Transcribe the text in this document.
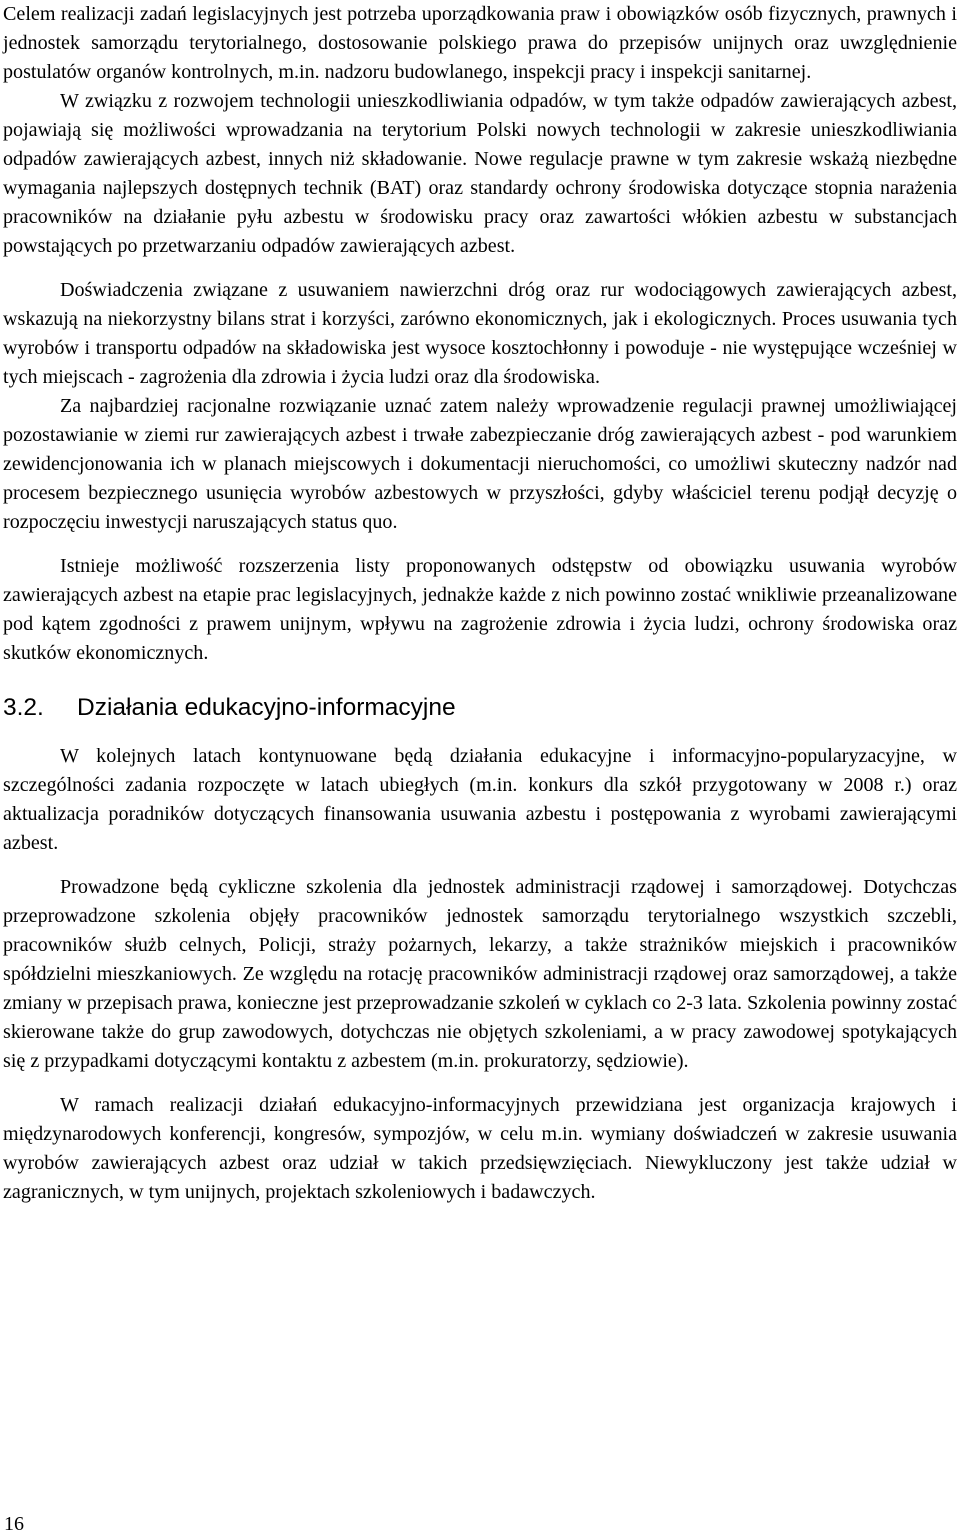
Celem realizacji zadań legislacyjnych jest potrzeba uporządkowania praw i obowiązków osób fizycznych, prawnych i jednostek samorządu terytorialnego, dostosowanie polskiego prawa do przepisów unijnych oraz uwzględnienie postulatów organów kontrolnych, m.in. nadzoru budowlanego, inspekcji pracy i inspekcji sanitarnej.

W związku z rozwojem technologii unieszkodliwiania odpadów, w tym także odpadów zawierających azbest, pojawiają się możliwości wprowadzania na terytorium Polski nowych technologii w zakresie unieszkodliwiania odpadów zawierających azbest, innych niż składowanie. Nowe regulacje prawne w tym zakresie wskażą niezbędne wymagania najlepszych dostępnych technik (BAT) oraz standardy ochrony środowiska dotyczące stopnia narażenia pracowników na działanie pyłu azbestu w środowisku pracy oraz zawartości włókien azbestu w substancjach powstających po przetwarzaniu odpadów zawierających azbest.

Doświadczenia związane z usuwaniem nawierzchni dróg oraz rur wodociągowych zawierających azbest, wskazują na niekorzystny bilans strat i korzyści, zarówno ekonomicznych, jak i ekologicznych. Proces usuwania tych wyrobów i transportu odpadów na składowiska jest wysoce kosztochłonny i powoduje - nie występujące wcześniej w tych miejscach - zagrożenia dla zdrowia i życia ludzi oraz dla środowiska.

Za najbardziej racjonalne rozwiązanie uznać zatem należy wprowadzenie regulacji prawnej umożliwiającej pozostawianie w ziemi rur zawierających azbest i trwałe zabezpieczanie dróg zawierających azbest - pod warunkiem zewidencjonowania ich w planach miejscowych i dokumentacji nieruchomości, co umożliwi skuteczny nadzór nad procesem bezpiecznego usunięcia wyrobów azbestowych w przyszłości, gdyby właściciel terenu podjął decyzję o rozpoczęciu inwestycji naruszających status quo.

Istnieje możliwość rozszerzenia listy proponowanych odstępstw od obowiązku usuwania wyrobów zawierających azbest na etapie prac legislacyjnych, jednakże każde z nich powinno zostać wnikliwie przeanalizowane pod kątem zgodności z prawem unijnym, wpływu na zagrożenie zdrowia i życia ludzi, ochrony środowiska oraz skutków ekonomicznych.

3.2.	Działania edukacyjno-informacyjne

W kolejnych latach kontynuowane będą działania edukacyjne i informacyjno-popularyzacyjne, w szczególności zadania rozpoczęte w latach ubiegłych (m.in. konkurs dla szkół przygotowany w 2008 r.) oraz aktualizacja poradników dotyczących finansowania usuwania azbestu i postępowania z wyrobami zawierającymi azbest.

Prowadzone będą cykliczne szkolenia dla jednostek administracji rządowej i samorządowej. Dotychczas przeprowadzone szkolenia objęły pracowników jednostek samorządu terytorialnego wszystkich szczebli, pracowników służb celnych, Policji, straży pożarnych, lekarzy, a także strażników miejskich i pracowników spółdzielni mieszkaniowych. Ze względu na rotację pracowników administracji rządowej oraz samorządowej, a także zmiany w przepisach prawa, konieczne jest przeprowadzanie szkoleń w cyklach co 2-3 lata. Szkolenia powinny zostać skierowane także do grup zawodowych, dotychczas nie objętych szkoleniami, a w pracy zawodowej spotykających się z przypadkami dotyczącymi kontaktu z azbestem (m.in. prokuratorzy, sędziowie).

W ramach realizacji działań edukacyjno-informacyjnych przewidziana jest organizacja krajowych i międzynarodowych konferencji, kongresów, sympozjów, w celu m.in. wymiany doświadczeń w zakresie usuwania wyrobów zawierających azbest oraz udział w takich przedsięwzięciach. Niewykluczony jest także udział w zagranicznych, w tym unijnych, projektach szkoleniowych i badawczych.

16
